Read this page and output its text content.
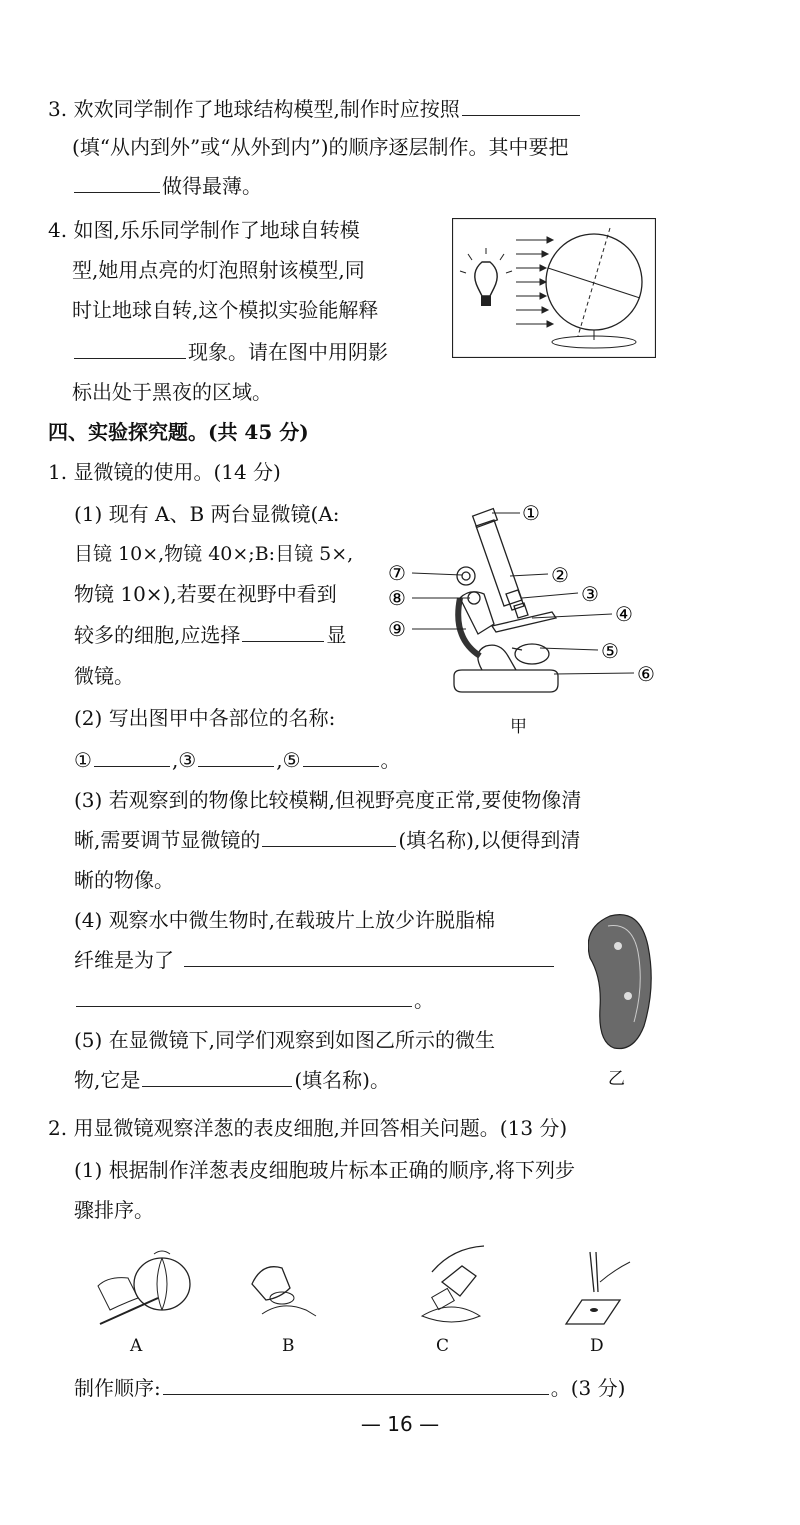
3. 欢欢同学制作了地球结构模型,制作时应按照
(填“从内到外”或“从外到内”)的顺序逐层制作。其中要把
做得最薄。
4. 如图,乐乐同学制作了地球自转模
型,她用点亮的灯泡照射该模型,同
时让地球自转,这个模拟实验能解释
现象。请在图中用阴影
标出处于黑夜的区域。
四、实验探究题。(共 45 分)
1. 显微镜的使用。(14 分)
(1) 现有 A、B 两台显微镜(A:
目镜 10×,物镜 40×;B:目镜 5×,
物镜 10×),若要在视野中看到
较多的细胞,应选择	显
微镜。
①
②
③
④
⑤
⑥
⑦
⑧
⑨
甲
(2) 写出图甲中各部位的名称:
①	,③	,⑤	。
(3) 若观察到的物像比较模糊,但视野亮度正常,要使物像清
晰,需要调节显微镜的	(填名称),以便得到清
晰的物像。
(4) 观察水中微生物时,在载玻片上放少许脱脂棉
纤维是为了
。
(5) 在显微镜下,同学们观察到如图乙所示的微生
物,它是	(填名称)。	乙
2. 用显微镜观察洋葱的表皮细胞,并回答相关问题。(13 分)
(1) 根据制作洋葱表皮细胞玻片标本正确的顺序,将下列步
骤排序。
A	B	C	D
制作顺序:	。(3 分)
— 16 —
